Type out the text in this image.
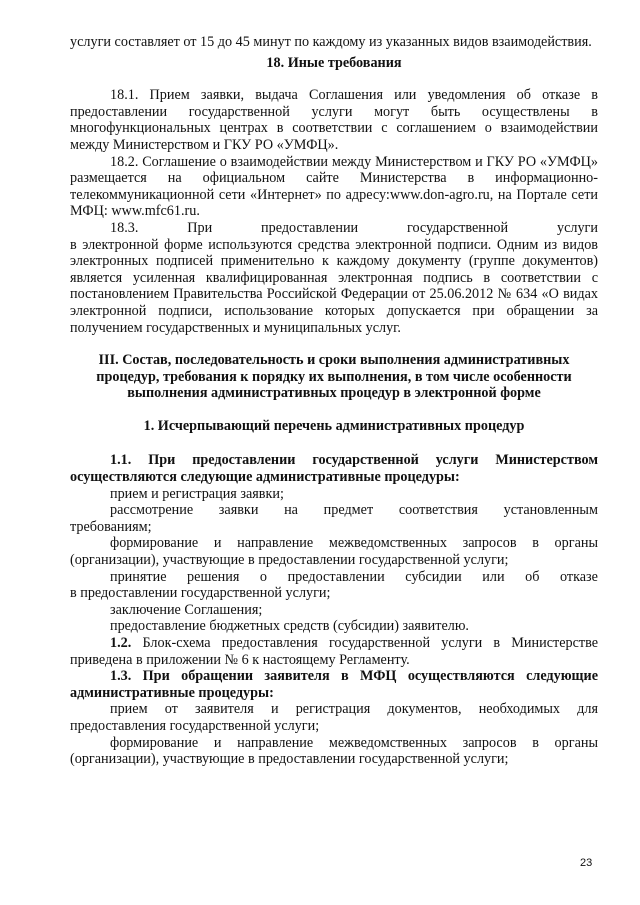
услуги составляет от 15 до 45 минут по каждому из указанных видов взаимодействия.

18. Иные требования

18.1. Прием заявки, выдача Соглашения или уведомления об отказе в предоставлении государственной услуги могут быть осуществлены в многофункциональных центрах в соответствии с соглашением о взаимодействии между Министерством и ГКУ РО «УМФЦ».

18.2. Соглашение о взаимодействии между Министерством и ГКУ РО «УМФЦ» размещается на официальном сайте Министерства в информационно-телекоммуникационной сети «Интернет» по адресу:www.don-agro.ru, на Портале сети МФЦ: www.mfc61.ru.

18.3.	При	предоставлении	государственной	услуги

в электронной форме используются средства электронной подписи. Одним из видов электронных подписей применительно к каждому документу (группе документов) является усиленная квалифицированная электронная подпись в соответствии с постановлением Правительства Российской Федерации от 25.06.2012 № 634 «О видах электронной подписи, использование которых допускается при обращении за получением государственных и муниципальных услуг.

III. Состав, последовательность и сроки выполнения административных процедур, требования к порядку их выполнения, в том числе особенности выполнения административных процедур в электронной форме

1. Исчерпывающий перечень административных процедур

1.1. При предоставлении государственной услуги Министерством осуществляются следующие административные процедуры:

прием и регистрация заявки;

рассмотрение заявки на предмет соответствия установленным

требованиям;

формирование и направление межведомственных запросов в органы (организации), участвующие в предоставлении государственной услуги;

принятие решения о предоставлении субсидии или об отказе

в предоставлении государственной услуги;

заключение Соглашения;

предоставление бюджетных средств (субсидии) заявителю.

1.2. Блок-схема предоставления государственной услуги в Министерстве приведена в приложении № 6 к настоящему Регламенту.

1.3. При обращении заявителя в МФЦ осуществляются следующие административные процедуры:

прием от заявителя и регистрация документов, необходимых для предоставления государственной услуги;

формирование и направление межведомственных запросов в органы (организации), участвующие в предоставлении государственной услуги;

23
